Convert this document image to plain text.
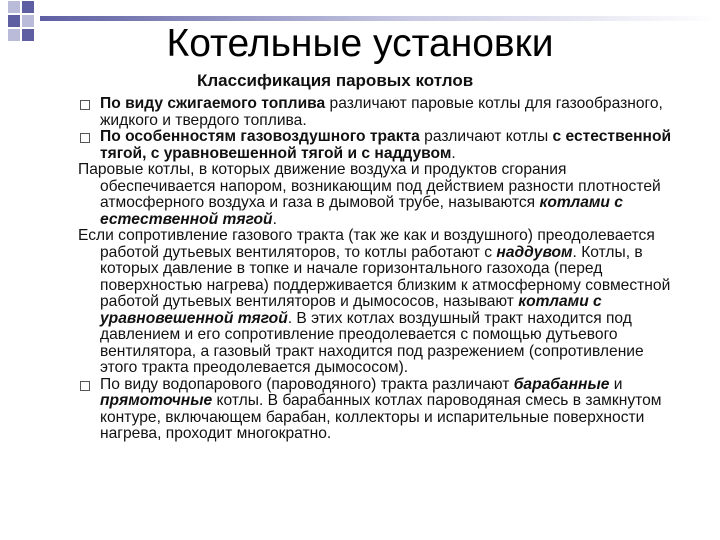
Котельные установки
Классификация паровых котлов

По виду сжигаемого топлива различают паровые котлы для газообразного, жидкого и твердого топлива.

По особенностям газовоздушного тракта различают котлы с естественной тягой, с уравновешенной тягой и с наддувом.

Паровые котлы, в которых движение воздуха и продуктов сгорания обеспечивается напором, возникающим под действием разности плотностей атмосферного воздуха и газа в дымовой трубе, называются котлами с естественной тягой.

Если сопротивление газового тракта (так же как и воздушного) преодолевается работой дутьевых вентиляторов, то котлы работают с наддувом. Котлы, в которых давление в топке и начале горизонтального газохода (перед поверхностью нагрева) поддерживается близким к атмосферному совместной работой дутьевых вентиляторов и дымососов, называют котлами с уравновешенной тягой. В этих котлах воздушный тракт находится под давлением и его сопротивление преодолевается с помощью дутьевого вентилятора, а газовый тракт находится под разрежением (сопротивление этого тракта преодолевается дымососом).

По виду водопарового (пароводяного) тракта различают барабанные и прямоточные котлы. В барабанных котлах пароводяная смесь в замкнутом контуре, включающем барабан, коллекторы и испарительные поверхности нагрева, проходит многократно.
